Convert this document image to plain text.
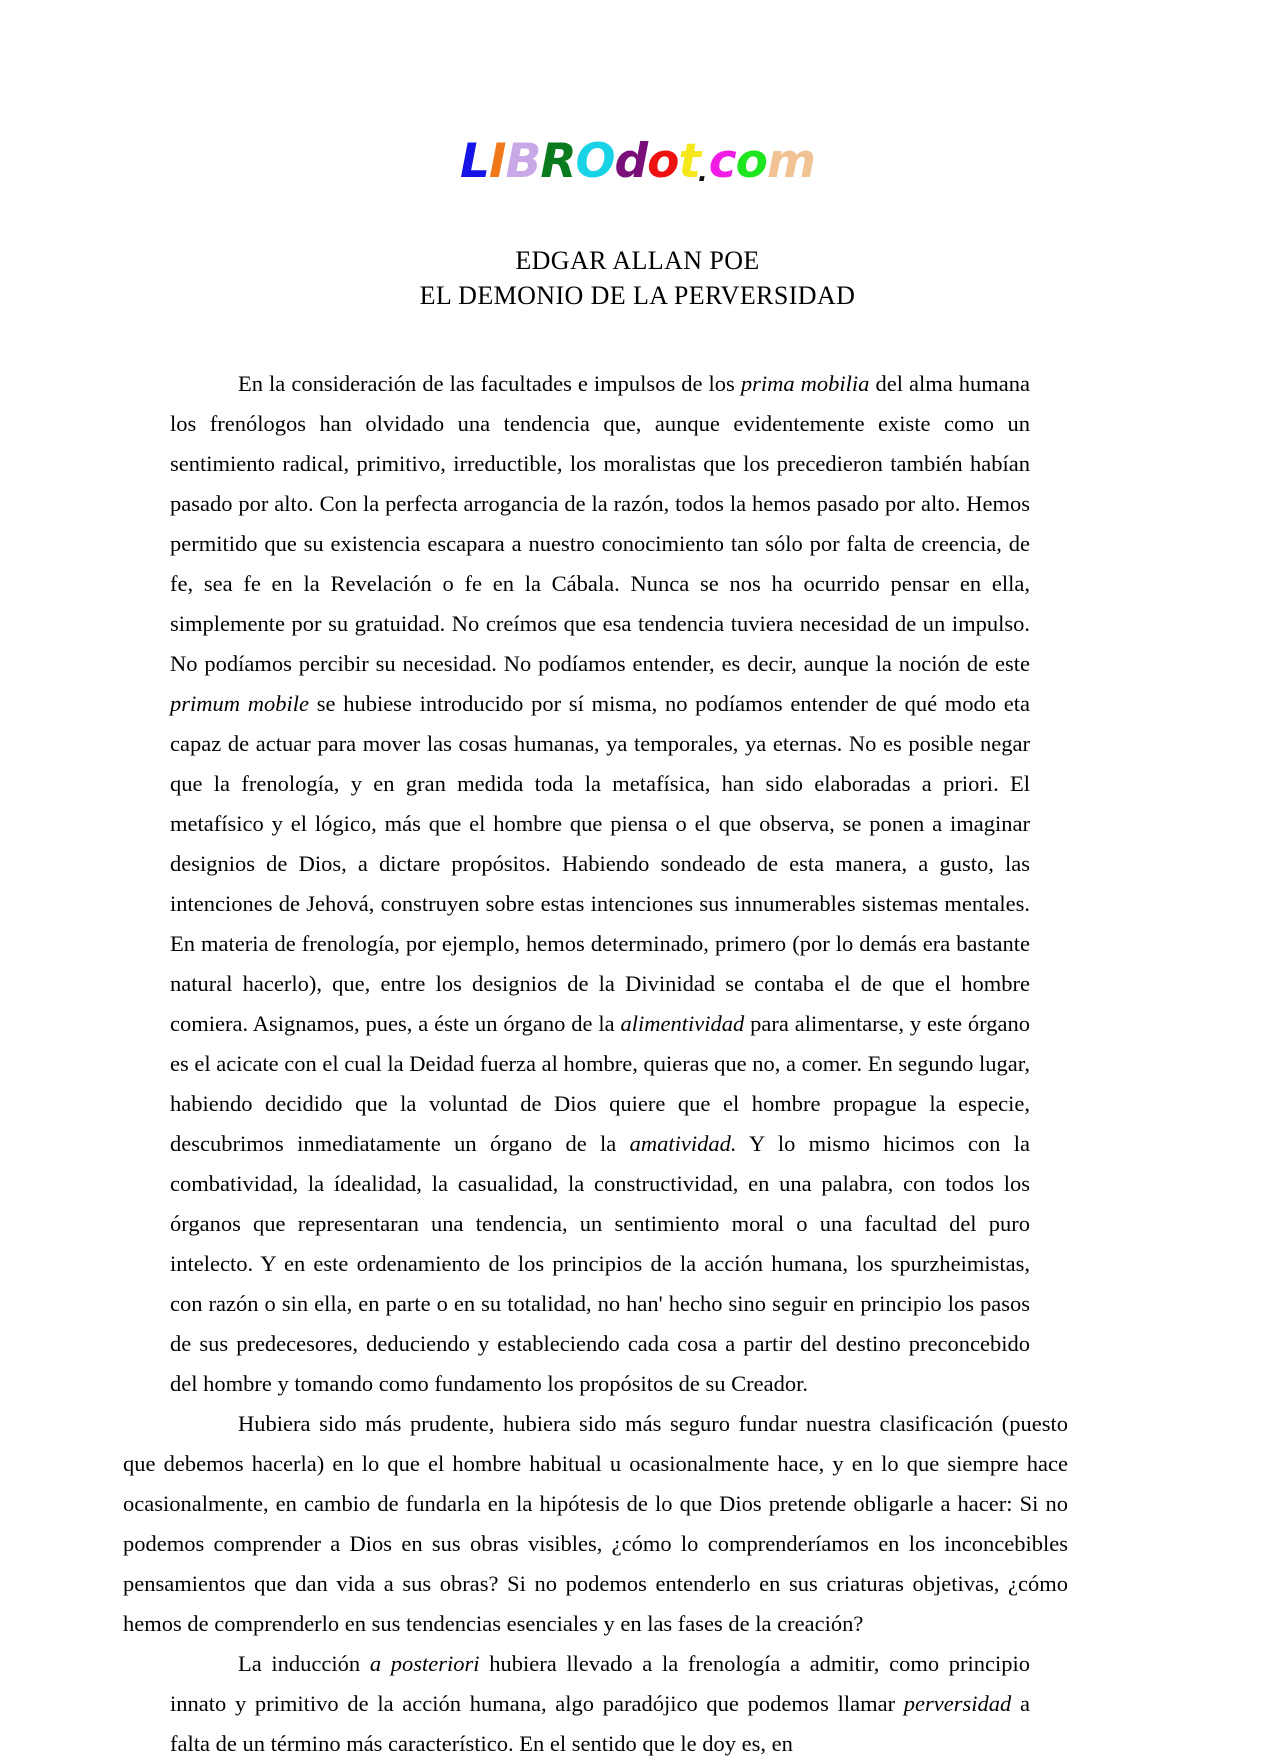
LIBROdot.com
EDGAR ALLAN POE
EL DEMONIO DE LA PERVERSIDAD

En la consideración de las facultades e impulsos de los prima mobilia del alma humana los frenólogos han olvidado una tendencia que, aunque evidentemente existe como un sentimiento radical, primitivo, irreductible, los moralistas que los precedieron también habían pasado por alto. Con la perfecta arrogancia de la razón, todos la hemos pasado por alto. Hemos permitido que su existencia escapara a nuestro conocimiento tan sólo por falta de creencia, de fe, sea fe en la Revelación o fe en la Cábala. Nunca se nos ha ocurrido pensar en ella, simplemente por su gratuidad. No creímos que esa tendencia tuviera necesidad de un impulso. No podíamos percibir su necesidad. No podíamos entender, es decir, aunque la noción de este primum mobile se hubiese introducido por sí misma, no podíamos entender de qué modo eta capaz de actuar para mover las cosas humanas, ya temporales, ya eternas. No es posible negar que la frenología, y en gran medida toda la metafísica, han sido elaboradas a priori. El metafísico y el lógico, más que el hombre que piensa o el que observa, se ponen a imaginar designios de Dios, a dictare propósitos. Habiendo sondeado de esta manera, a gusto, las intenciones de Jehová, construyen sobre estas intenciones sus innumerables sistemas mentales. En materia de frenología, por ejemplo, hemos determinado, primero (por lo demás era bastante natural hacerlo), que, entre los designios de la Divinidad se contaba el de que el hombre comiera. Asignamos, pues, a éste un órgano de la alimentividad para alimentarse, y este órgano es el acicate con el cual la Deidad fuerza al hombre, quieras que no, a comer. En segundo lugar, habiendo decidido que la voluntad de Dios quiere que el hombre propague la especie, descubrimos inmediatamente un órgano de la amatividad. Y lo mismo hicimos con la combatividad, la ídealidad, la casualidad, la constructividad, en una palabra, con todos los órganos que representaran una tendencia, un sentimiento moral o una facultad del puro intelecto. Y en este ordenamiento de los principios de la acción humana, los spurzheimistas, con razón o sin ella, en parte o en su totalidad, no han' hecho sino seguir en principio los pasos de sus predecesores, deduciendo y estableciendo cada cosa a partir del destino preconcebido del hombre y tomando como fundamento los propósitos de su Creador.

Hubiera sido más prudente, hubiera sido más seguro fundar nuestra clasificación (puesto que debemos hacerla) en lo que el hombre habitual u ocasionalmente hace, y en lo que siempre hace ocasionalmente, en cambio de fundarla en la hipótesis de lo que Dios pretende obligarle a hacer: Si no podemos comprender a Dios en sus obras visibles, ¿cómo lo comprenderíamos en los inconcebibles pensamientos que dan vida a sus obras? Si no podemos entenderlo en sus criaturas objetivas, ¿cómo hemos de comprenderlo en sus tendencias esenciales y en las fases de la creación?

La inducción a posteriori hubiera llevado a la frenología a admitir, como principio innato y primitivo de la acción humana, algo paradójico que podemos llamar perversidad a falta de un término más característico. En el sentido que le doy es, en
